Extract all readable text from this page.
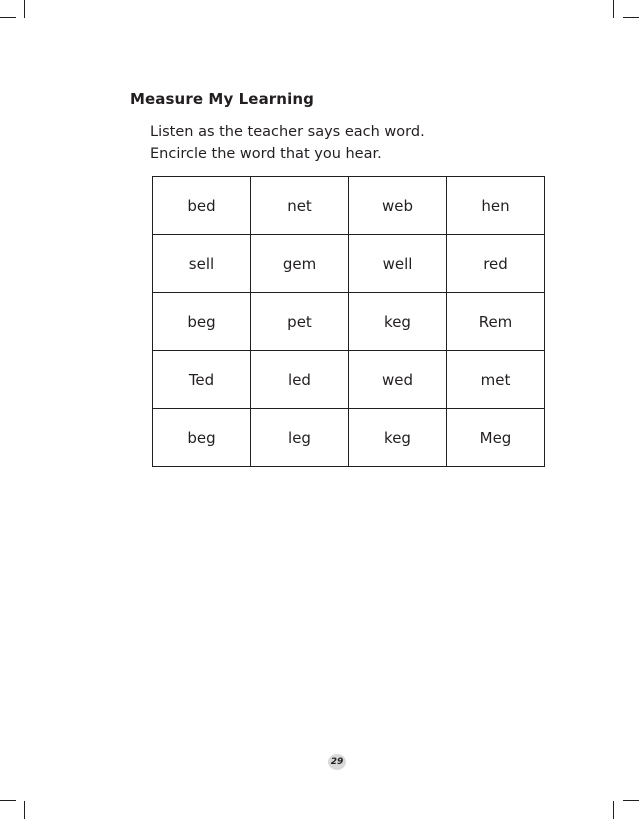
Measure My Learning
Listen as the teacher says each word.
Encircle the word that you hear.
bed	net	web	hen
sell	gem	well	red
beg	pet	keg	Rem
Ted	led	wed	met
beg	leg	keg	Meg
29
